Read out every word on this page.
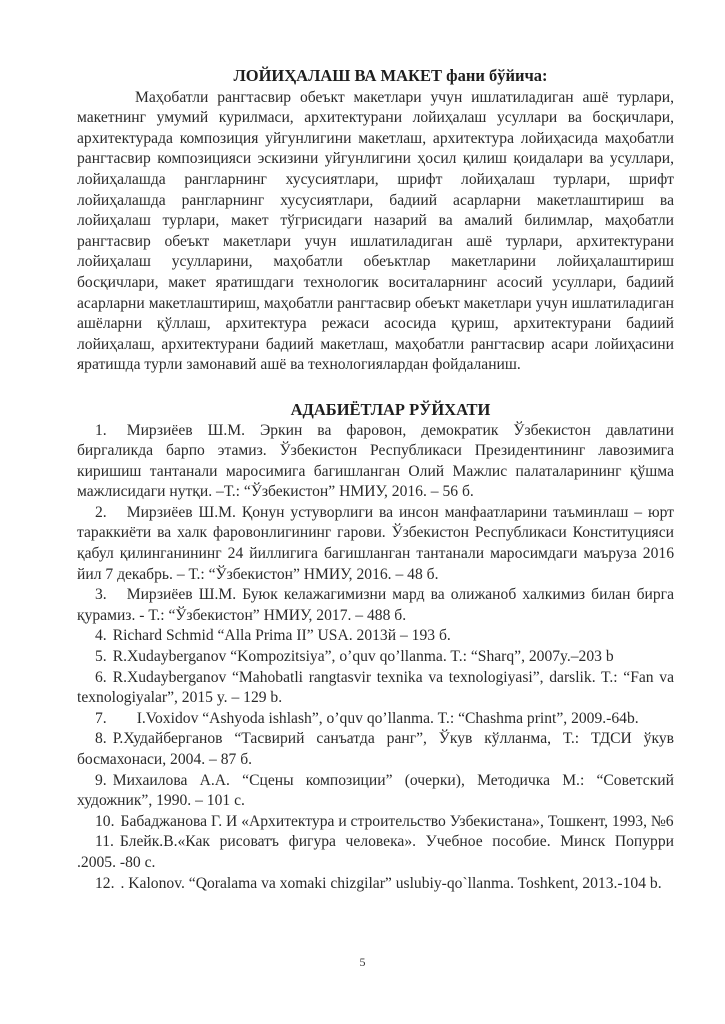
ЛОЙИҲАЛАШ ВА МАКЕТ фани бўйича:

Маҳобатли рангтасвир обеъкт макетлари учун ишлатиладиган ашё турлари, макетнинг умумий курилмаси, архитектурани лойиҳалаш усуллари ва босқичлари, архитектурада композиция уйгунлигини макетлаш, архитектура лойиҳасида маҳобатли рангтасвир композицияси эскизини уйгунлигини ҳосил қилиш қоидалари ва усуллари, лойиҳалашда рангларнинг хусусиятлари, шрифт лойиҳалаш турлари, шрифт лойиҳалашда рангларнинг хусусиятлари, бадиий асарларни макетлаштириш ва лойиҳалаш турлари, макет тўгрисидаги назарий ва амалий билимлар, маҳобатли рангтасвир обеъкт макетлари учун ишлатиладиган ашё турлари, архитектурани лойиҳалаш усулларини, маҳобатли обеъктлар макетларини лойиҳалаштириш босқичлари, макет яратишдаги технологик воситаларнинг асосий усуллари, бадиий асарларни макетлаштириш, маҳобатли рангтасвир обеъкт макетлари учун ишлатиладиган ашёларни қўллаш, архитектура режаси асосида қуриш, архитектурани бадиий лойиҳалаш, архитектурани бадиий макетлаш, маҳобатли рангтасвир асари лойиҳасини яратишда турли замонавий ашё ва технологиялардан фойдаланиш.

АДАБИЁТЛАР РЎЙХАТИ

1. Мирзиёев Ш.М. Эркин ва фаровон, демократик Ўзбекистон давлатини биргаликда барпо этамиз. Ўзбекистон Республикаси Президентининг лавозимига киришиш тантанали маросимига багишланган Олий Мажлис палаталарининг қўшма мажлисидаги нутқи. –Т.: “Ўзбекистон” НМИУ, 2016. – 56 б.

2. Мирзиёев Ш.М. Қонун устуворлиги ва инсон манфаатларини таъминлаш – юрт тараккиёти ва халк фаровонлигининг гарови. Ўзбекистон Республикаси Конституцияси қабул қилинганининг 24 йиллигига багишланган тантанали маросимдаги маъруза 2016 йил 7 декабрь. – Т.: “Ўзбекистон” НМИУ, 2016. – 48 б.

3. Мирзиёев Ш.М. Буюк келажагимизни мард ва олижаноб халкимиз билан бирга қурамиз. - Т.: “Ўзбекистон” НМИУ, 2017. – 488 б.

4. Richard Schmid “Alla Prima II” USA. 2013й – 193 б.

5. R.Xudayberganov “Kompozitsiya”, o’quv qo’llanma. T.: “Sharq”, 2007y.–203 b

6. R.Xudayberganov “Mahobatli rangtasvir texnika va texnologiyasi”, darslik. T.: “Fan va texnologiyalar”, 2015 y. – 129 b.

7. I.Voxidov “Ashyoda ishlash”, o’quv qo’llanma. T.: “Chashma print”, 2009.-64b.

8. Р.Худайберганов “Тасвирий санъатда ранг”, Ўкув кўлланма, Т.: ТДСИ ўкув босмахонаси, 2004. – 87 б.

9. Михаилова А.А. “Сцены композиции” (очерки), Методичка М.: “Советский художник”, 1990. – 101 с.

10. Бабаджанова Г. И «Архитектура и строительство Узбекистана», Тошкент, 1993, №6

11. Блейк.В.«Как рисоватъ фигура человека». Учебное пособие. Минск Попурри .2005. -80 с.

12. . Kalonov. “Qoralama va xomaki chizgilar” uslubiy-qo`llanma. Toshkent, 2013.-104 b.

5
